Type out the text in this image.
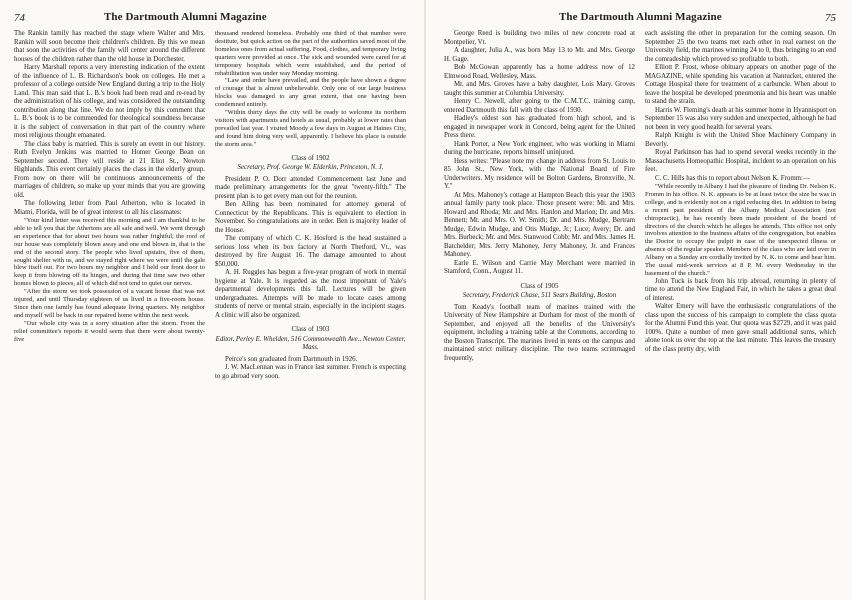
74	The Dartmouth Alumni Magazine

The Rankin family has reached the stage where Walter and Mrs. Rankin will soon become their children's children. By this we mean that soon the activities of the family will center around the different houses of the children rather than the old house in Dorchester.

Harry Marshall reports a very interesting indication of the extent of the influence of L. B. Richardson's book on colleges. He met a professor of a college outside New England during a trip to the Holy Land. This man said that L. B.'s book had been read and re-read by the administration of his college, and was considered the outstanding contribution along that line. We do not imply by this comment that L. B.'s book is to be commended for theological soundness because it is the subject of conversation in that part of the country where most religious thought emanated.

The class baby is married. This is surely an event in our history. Ruth Evelyn Jenkins was married to Homer George Bean on September second. They will reside at 21 Eliot St., Newton Highlands. This event certainly places the class in the elderly group. From now on there will be continuous announcements of the marriages of children, so make up your minds that you are growing old.

The following letter from Paul Atherton, who is located in Miami, Florida, will be of great interest to all his classmates:

"Your kind letter was received this morning and I am thankful to be able to tell you that the Athertons are all safe and well. We went through an experience that for about two hours was rather frightful; the roof of our house was completely blown away and one end blown in, that is the end of the second story. The people who lived upstairs, five of them, sought shelter with us, and we stayed right where we were until the gale blew itself out. For two hours my neighbor and I held our front door to keep it from blowing off its hinges, and during that time saw two other homes blown to pieces, all of which did not tend to quiet our nerves.

"After the storm we took possession of a vacant house that was not injured, and until Thursday eighteen of us lived in a five-room house. Since then one family has found adequate living quarters. My neighbor and myself will be back in our repaired home within the next week.

"Our whole city was in a sorry situation after the storm. From the relief committee's reports it would seem that there were about twenty-five

thousand rendered homeless. Probably one third of that number were destitute, but quick action on the part of the authorities saved most of the homeless ones from actual suffering. Food, clothes, and temporary living quarters were provided at once. The sick and wounded were cared for at temporary hospitals which were established, and the period of rehabilitation was under way Monday morning.

"Law and order have prevailed, and the people have shown a degree of courage that is almost unbelievable. Only one of our large business blocks was damaged to any great extent, that one having been condemned entirely.

"Within thirty days the city will be ready to welcome its northern visitors with apartments and hotels as usual, probably at lower rates than prevailed last year. I visited Moody a few days in August at Haines City, and found him doing very well, apparently. I believe his place is outside the storm area."

Class of 1902
Secretary, Prof. George W. Elderkin, Princeton, N. J.

President P. O. Dorr attended Commencement last June and made preliminary arrangements for the great "twenty-fifth." The present plan is to get every man out for the reunion.

Ben Alling has been nominated for attorney general of Connecticut by the Republicans. This is equivalent to election in November. So congratulations are in order. Ben is majority leader of the House.

The company of which C. K. Hosford is the head sustained a serious loss when its box factory at North Thetford, Vt., was destroyed by fire August 16. The damage amounted to about $50,000.

A. H. Ruggles has begun a five-year program of work in mental hygiene at Yale. It is regarded as the most important of Yale's departmental developments this fall. Lectures will be given undergraduates. Attempts will be made to locate cases among students of nerve or mental strain, especially in the incipient stages. A clinic will also be organized.

Class of 1903
Editor, Perley E. Whelden, 516 Commonwealth Ave., Newton Center, Mass.

Peirce's son graduated from Dartmouth in 1926.

J. W. MacLennan was in France last summer. French is expecting to go abroad very soon.

The Dartmouth Alumni Magazine	75

George Reed is building two miles of new concrete road at Montpelier, Vt.

A daughter, Julia A., was born May 13 to Mr. and Mrs. George H. Gage.

Bob McGowan apparently has a home address now of 12 Elmwood Road, Wellesley, Mass.

Mr. and Mrs. Groves have a baby daughter, Lois Mary. Groves taught this summer at Columbia University.

Henry C. Newell, after going to the C.M.T.C. training camp, entered Dartmouth this fall with the class of 1930.

Hadley's oldest son has graduated from high school, and is engaged in newspaper work in Concord, being agent for the United Press there.

Hank Porter, a New York engineer, who was working in Miami during the hurricane, reports himself uninjured.

Hess writes: "Please note my change in address from St. Louis to 85 John St., New York, with the National Board of Fire Underwriters. My residence will be Bolton Gardens, Bronxville, N. Y."

At Mrs. Mahoney's cottage at Hampton Beach this year the 1903 annual family party took place. Those present were: Mr. and Mrs. Howard and Rhoda; Mr. and Mrs. Hanlon and Marion; Dr. and Mrs. Bennett; Mr. and Mrs. O. W. Smith; Dr. and Mrs. Mudge, Bertram Mudge, Edwin Mudge, and Otis Mudge, Jr.; Luce; Avery; Dr. and Mrs. Burbeck; Mr. and Mrs. Stanwood Cobb; Mr. and Mrs. James H. Batchelder; Mrs. Jerry Mahoney, Jerry Mahoney, Jr. and Frances Mahoney.

Earle E. Wilson and Carrie May Merchant were married in Stamford, Conn., August 11.

Class of 1905
Secretary, Frederick Chase, 511 Sears Building, Boston

Tom Keady's football team of marines trained with the University of New Hampshire at Durham for most of the month of September, and enjoyed all the benefits of the University's equipment, including a training table at the Commons, according to the Boston Transcript. The marines lived in tents on the campus and maintained strict military discipline. The two teams scrimmaged frequently,

each assisting the other in preparation for the coming season. On September 25 the two teams met each other in real earnest on the University field, the marines winning 24 to 0, thus bringing to an end the comradeship which proved so profitable to both.

Elliott P. Frost, whose obituary appears on another page of the MAGAZINE, while spending his vacation at Nantucket, entered the Cottage Hospital there for treatment of a carbuncle. When about to leave the hospital he developed pneumonia and his heart was unable to stand the strain.

Harris W. Fleming's death at his summer home in Hyannisport on September 15 was also very sudden and unexpected, although he had not been in very good health for several years.

Ralph Knight is with the United Shoe Machinery Company in Beverly.

Royal Parkinson has had to spend several weeks recently in the Massachusetts Homeopathic Hospital, incident to an operation on his feet.

C. C. Hills has this to report about Nelson K. Fromm:—

"While recently in Albany I had the pleasure of finding Dr. Nelson K. Fromm in his office. N. K. appears to be at least twice the size he was in college, and is evidently not on a rigid reducing diet. In addition to being a recent past president of the Albany Medical Association (not chiropractic), he has recently been made president of the board of directors of the church which he alleges he attends. This office not only involves attention to the business affairs of the congregation, but enables the Doctor to occupy the pulpit in case of the unexpected illness or absence of the regular speaker. Members of the class who are laid over in Albany on a Sunday are cordially invited by N. K. to come and hear him. The usual mid-week services at 8 P. M. every Wednesday in the basement of the church."

John Tuck is back from his trip abroad, returning in plenty of time to attend the New England Fair, in which he takes a great deal of interest.

Walter Emery will have the enthusiastic congratulations of the class upon the success of his campaign to complete the class quota for the Alumni Fund this year. Our quota was $2729, and it was paid 100%. Quite a number of men gave small additional sums, which alone took us over the top at the last minute. This leaves the treasury of the class pretty dry, with
